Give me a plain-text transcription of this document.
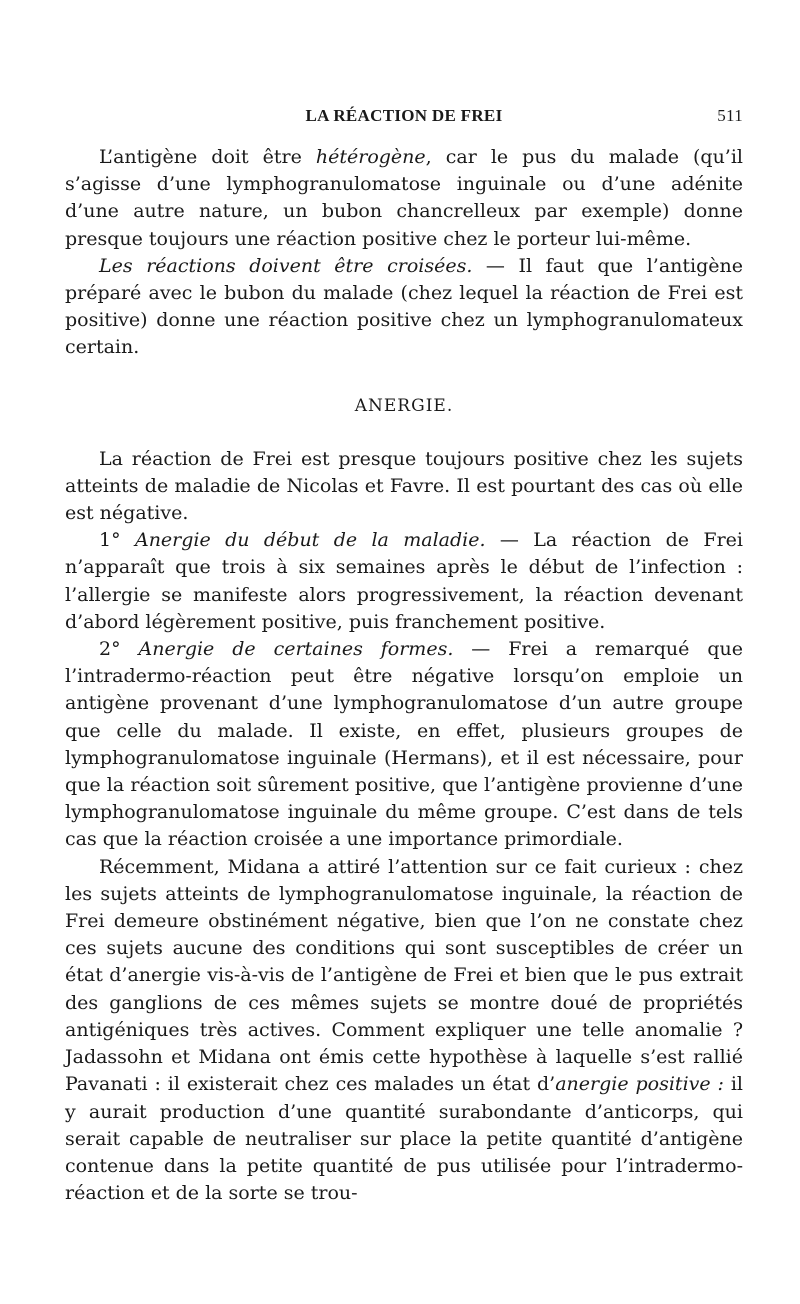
LA RÉACTION DE FREI	511

L’antigène doit être hétérogène, car le pus du malade (qu’il s’agisse d’une lymphogranulomatose inguinale ou d’une adénite d’une autre nature, un bubon chancrelleux par exemple) donne presque toujours une réaction positive chez le porteur lui-même.

Les réactions doivent être croisées. — Il faut que l’antigène préparé avec le bubon du malade (chez lequel la réaction de Frei est positive) donne une réaction positive chez un lymphogranulomateux certain.

ANERGIE.

La réaction de Frei est presque toujours positive chez les sujets atteints de maladie de Nicolas et Favre. Il est pourtant des cas où elle est négative.

1° Anergie du début de la maladie. — La réaction de Frei n’apparaît que trois à six semaines après le début de l’infection : l’allergie se manifeste alors progressivement, la réaction devenant d’abord légèrement positive, puis franchement positive.

2° Anergie de certaines formes. — Frei a remarqué que l’intradermo-réaction peut être négative lorsqu’on emploie un antigène provenant d’une lymphogranulomatose d’un autre groupe que celle du malade. Il existe, en effet, plusieurs groupes de lymphogranulomatose inguinale (Hermans), et il est nécessaire, pour que la réaction soit sûrement positive, que l’antigène provienne d’une lymphogranulomatose inguinale du même groupe. C’est dans de tels cas que la réaction croisée a une importance primordiale.

Récemment, Midana a attiré l’attention sur ce fait curieux : chez les sujets atteints de lymphogranulomatose inguinale, la réaction de Frei demeure obstinément négative, bien que l’on ne constate chez ces sujets aucune des conditions qui sont susceptibles de créer un état d’anergie vis-à-vis de l’antigène de Frei et bien que le pus extrait des ganglions de ces mêmes sujets se montre doué de propriétés antigéniques très actives. Comment expliquer une telle anomalie ? Jadassohn et Midana ont émis cette hypothèse à laquelle s’est rallié Pavanati : il existerait chez ces malades un état d’anergie positive : il y aurait production d’une quantité surabondante d’anticorps, qui serait capable de neutraliser sur place la petite quantité d’antigène contenue dans la petite quantité de pus utilisée pour l’intradermo-réaction et de la sorte se trou-
